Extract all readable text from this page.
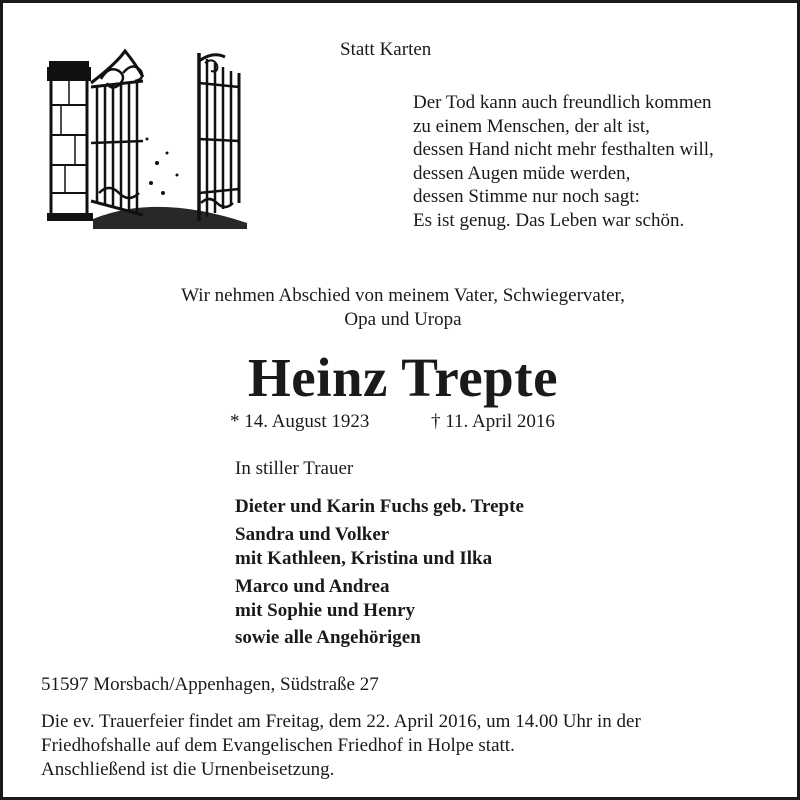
Statt Karten
Der Tod kann auch freundlich kommen
zu einem Menschen, der alt ist,
dessen Hand nicht mehr festhalten will,
dessen Augen müde werden,
dessen Stimme nur noch sagt:
Es ist genug. Das Leben war schön.
Wir nehmen Abschied von meinem Vater, Schwiegervater,
Opa und Uropa
Heinz Trepte
* 14. August 1923	† 11. April 2016
In stiller Trauer
Dieter und Karin Fuchs geb. Trepte
Sandra und Volker
mit Kathleen, Kristina und Ilka
Marco und Andrea
mit Sophie und Henry
sowie alle Angehörigen
51597 Morsbach/Appenhagen, Südstraße 27
Die ev. Trauerfeier findet am Freitag, dem 22. April 2016, um 14.00 Uhr in der
Friedhofshalle auf dem Evangelischen Friedhof in Holpe statt.
Anschließend ist die Urnenbeisetzung.
